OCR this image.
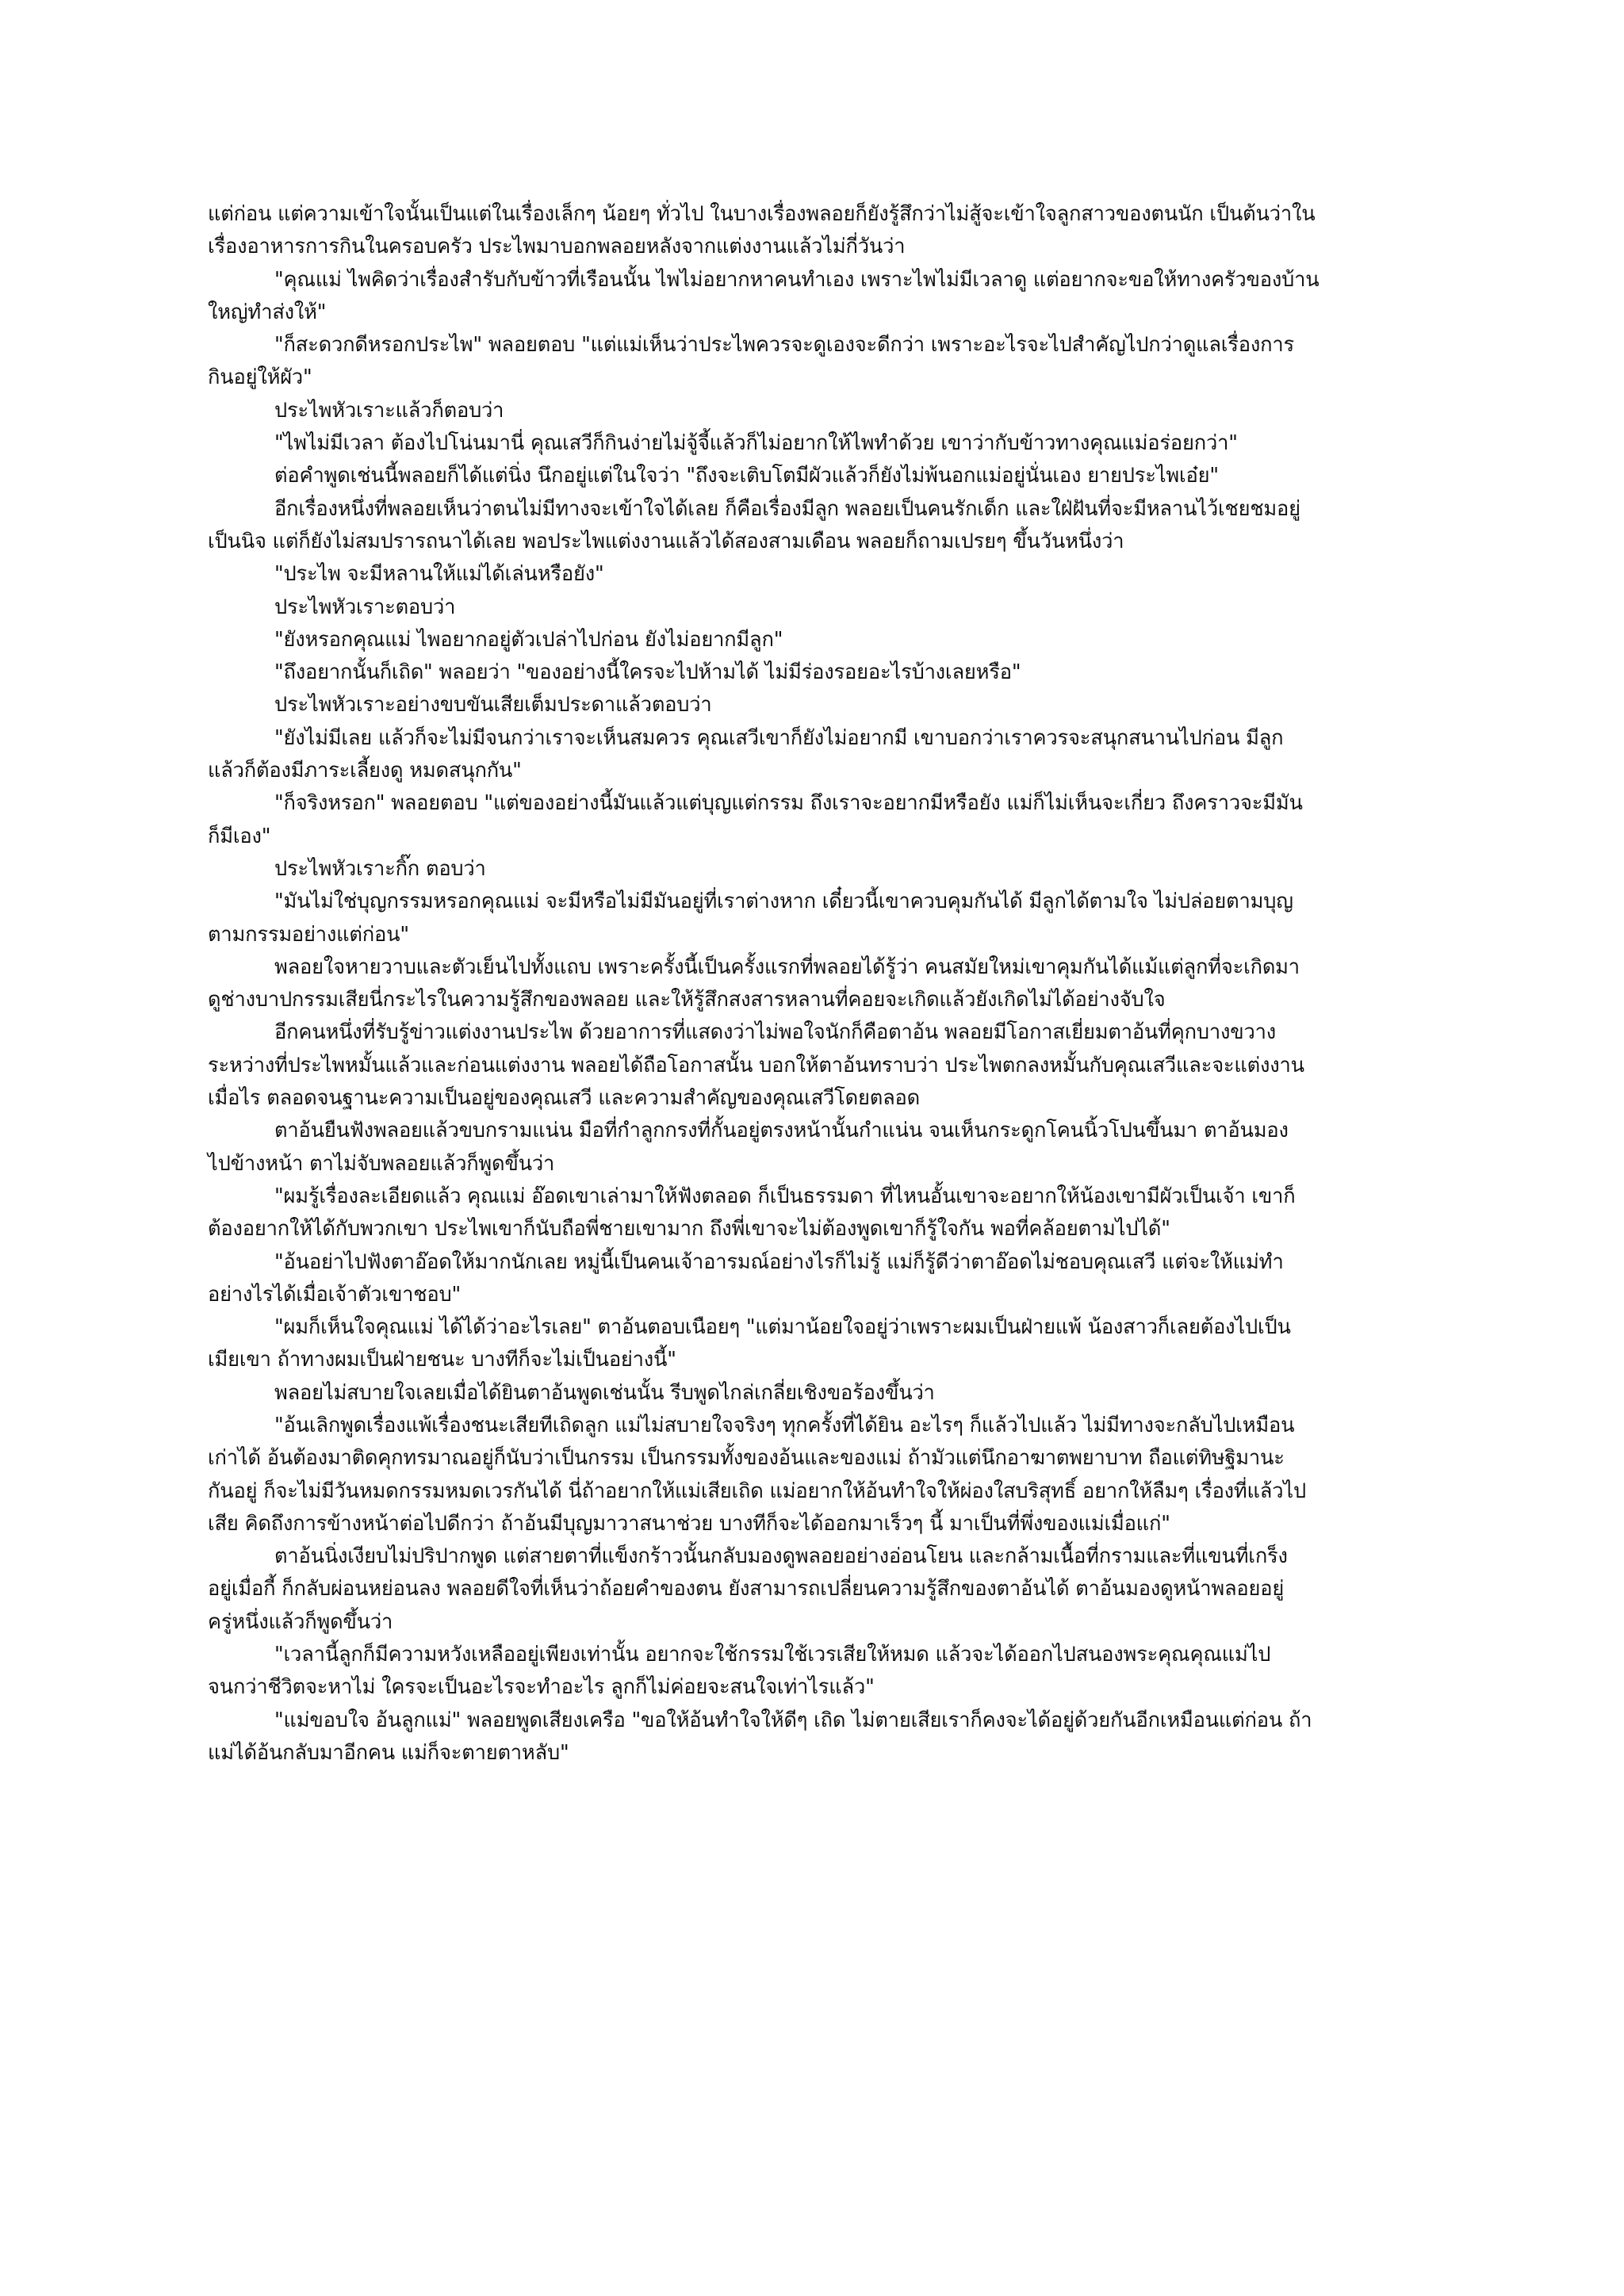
แต่ก่อน แต่ความเข้าใจนั้นเป็นแต่ในเรื่องเล็กๆ น้อยๆ ทั่วไป ในบางเรื่องพลอยก็ยังรู้สึกว่าไม่สู้จะเข้าใจลูกสาวของตนนัก เป็นต้นว่าใน
เรื่องอาหารการกินในครอบครัว ประไพมาบอกพลอยหลังจากแต่งงานแล้วไม่กี่วันว่า
"คุณแม่ ไพคิดว่าเรื่องสำรับกับข้าวที่เรือนนั้น ไพไม่อยากหาคนทำเอง เพราะไพไม่มีเวลาดู แต่อยากจะขอให้ทางครัวของบ้าน
ใหญ่ทำส่งให้"
"ก็สะดวกดีหรอกประไพ" พลอยตอบ "แต่แม่เห็นว่าประไพควรจะดูเองจะดีกว่า เพราะอะไรจะไปสำคัญไปกว่าดูแลเรื่องการ
กินอยู่ให้ผัว"
ประไพหัวเราะแล้วก็ตอบว่า
"ไพไม่มีเวลา ต้องไปโน่นมานี่ คุณเสวีก็กินง่ายไม่จู้จี้แล้วก็ไม่อยากให้ไพทำด้วย เขาว่ากับข้าวทางคุณแม่อร่อยกว่า"
ต่อคำพูดเช่นนี้พลอยก็ได้แต่นิ่ง นึกอยู่แต่ในใจว่า "ถึงจะเติบโตมีผัวแล้วก็ยังไม่พ้นอกแม่อยู่นั่นเอง ยายประไพเอ๋ย"
อีกเรื่องหนึ่งที่พลอยเห็นว่าตนไม่มีทางจะเข้าใจได้เลย ก็คือเรื่องมีลูก พลอยเป็นคนรักเด็ก และใฝ่ฝันที่จะมีหลานไว้เชยชมอยู่
เป็นนิจ แต่ก็ยังไม่สมปรารถนาได้เลย พอประไพแต่งงานแล้วได้สองสามเดือน พลอยก็ถามเปรยๆ ขึ้นวันหนึ่งว่า
"ประไพ จะมีหลานให้แม่ได้เล่นหรือยัง"
ประไพหัวเราะตอบว่า
"ยังหรอกคุณแม่ ไพอยากอยู่ตัวเปล่าไปก่อน ยังไม่อยากมีลูก"
"ถึงอยากนั้นก็เถิด" พลอยว่า "ของอย่างนี้ใครจะไปห้ามได้ ไม่มีร่องรอยอะไรบ้างเลยหรือ"
ประไพหัวเราะอย่างขบขันเสียเต็มประดาแล้วตอบว่า
"ยังไม่มีเลย แล้วก็จะไม่มีจนกว่าเราจะเห็นสมควร คุณเสวีเขาก็ยังไม่อยากมี เขาบอกว่าเราควรจะสนุกสนานไปก่อน มีลูก
แล้วก็ต้องมีภาระเลี้ยงดู หมดสนุกกัน"
"ก็จริงหรอก" พลอยตอบ "แต่ของอย่างนี้มันแล้วแต่บุญแต่กรรม ถึงเราจะอยากมีหรือยัง แม่ก็ไม่เห็นจะเกี่ยว ถึงคราวจะมีมัน
ก็มีเอง"
ประไพหัวเราะกิ๊ก ตอบว่า
"มันไม่ใช่บุญกรรมหรอกคุณแม่ จะมีหรือไม่มีมันอยู่ที่เราต่างหาก เดี๋ยวนี้เขาควบคุมกันได้ มีลูกได้ตามใจ ไม่ปล่อยตามบุญ
ตามกรรมอย่างแต่ก่อน"
พลอยใจหายวาบและตัวเย็นไปทั้งแถบ เพราะครั้งนี้เป็นครั้งแรกที่พลอยได้รู้ว่า คนสมัยใหม่เขาคุมกันได้แม้แต่ลูกที่จะเกิดมา
ดูช่างบาปกรรมเสียนี่กระไรในความรู้สึกของพลอย และให้รู้สึกสงสารหลานที่คอยจะเกิดแล้วยังเกิดไม่ได้อย่างจับใจ
อีกคนหนึ่งที่รับรู้ข่าวแต่งงานประไพ ด้วยอาการที่แสดงว่าไม่พอใจนักก็คือตาอ้น พลอยมีโอกาสเยี่ยมตาอ้นที่คุกบางขวาง
ระหว่างที่ประไพหมั้นแล้วและก่อนแต่งงาน พลอยได้ถือโอกาสนั้น บอกให้ตาอ้นทราบว่า ประไพตกลงหมั้นกับคุณเสวีและจะแต่งงาน
เมื่อไร ตลอดจนฐานะความเป็นอยู่ของคุณเสวี และความสำคัญของคุณเสวีโดยตลอด
ตาอ้นยืนฟังพลอยแล้วขบกรามแน่น มือที่กำลูกกรงที่กั้นอยู่ตรงหน้านั้นกำแน่น จนเห็นกระดูกโคนนิ้วโปนขึ้นมา ตาอ้นมอง
ไปข้างหน้า ตาไม่จับพลอยแล้วก็พูดขึ้นว่า
"ผมรู้เรื่องละเอียดแล้ว คุณแม่ อ๊อดเขาเล่ามาให้ฟังตลอด ก็เป็นธรรมดา ที่ไหนอั้นเขาจะอยากให้น้องเขามีผัวเป็นเจ้า เขาก็
ต้องอยากให้ได้กับพวกเขา ประไพเขาก็นับถือพี่ชายเขามาก ถึงพี่เขาจะไม่ต้องพูดเขาก็รู้ใจกัน พอที่คล้อยตามไปได้"
"อ้นอย่าไปฟังตาอ๊อดให้มากนักเลย หมู่นี้เป็นคนเจ้าอารมณ์อย่างไรก็ไม่รู้ แม่ก็รู้ดีว่าตาอ๊อดไม่ชอบคุณเสวี แต่จะให้แม่ทำ
อย่างไรได้เมื่อเจ้าตัวเขาชอบ"
"ผมก็เห็นใจคุณแม่ ได้ได้ว่าอะไรเลย" ตาอ้นตอบเนือยๆ "แต่มาน้อยใจอยู่ว่าเพราะผมเป็นฝ่ายแพ้ น้องสาวก็เลยต้องไปเป็น
เมียเขา ถ้าทางผมเป็นฝ่ายชนะ บางทีก็จะไม่เป็นอย่างนี้"
พลอยไม่สบายใจเลยเมื่อได้ยินตาอ้นพูดเช่นนั้น รีบพูดไกล่เกลี่ยเชิงขอร้องขึ้นว่า
"อ้นเลิกพูดเรื่องแพ้เรื่องชนะเสียทีเถิดลูก แม่ไม่สบายใจจริงๆ ทุกครั้งที่ได้ยิน อะไรๆ ก็แล้วไปแล้ว ไม่มีทางจะกลับไปเหมือน
เก่าได้ อ้นต้องมาติดคุกทรมาณอยู่ก็นับว่าเป็นกรรม เป็นกรรมทั้งของอ้นและของแม่ ถ้ามัวแต่นึกอาฆาตพยาบาท ถือแต่ทิษฐิมานะ
กันอยู่ ก็จะไม่มีวันหมดกรรมหมดเวรกันได้ นี่ถ้าอยากให้แม่เสียเถิด แม่อยากให้อ้นทำใจให้ผ่องใสบริสุทธิ์ อยากให้ลืมๆ เรื่องที่แล้วไป
เสีย คิดถึงการข้างหน้าต่อไปดีกว่า ถ้าอ้นมีบุญมาวาสนาช่วย บางทีก็จะได้ออกมาเร็วๆ นี้ มาเป็นที่พึ่งของแม่เมื่อแก่"
ตาอ้นนิ่งเงียบไม่ปริปากพูด แต่สายตาที่แข็งกร้าวนั้นกลับมองดูพลอยอย่างอ่อนโยน และกล้ามเนื้อที่กรามและที่แขนที่เกร็ง
อยู่เมื่อกี้ ก็กลับผ่อนหย่อนลง พลอยดีใจที่เห็นว่าถ้อยคำของตน ยังสามารถเปลี่ยนความรู้สึกของตาอ้นได้ ตาอ้นมองดูหน้าพลอยอยู่
ครู่หนึ่งแล้วก็พูดขึ้นว่า
"เวลานี้ลูกก็มีความหวังเหลืออยู่เพียงเท่านั้น อยากจะใช้กรรมใช้เวรเสียให้หมด แล้วจะได้ออกไปสนองพระคุณคุณแม่ไป
จนกว่าชีวิตจะหาไม่ ใครจะเป็นอะไรจะทำอะไร ลูกก็ไม่ค่อยจะสนใจเท่าไรแล้ว"
"แม่ขอบใจ อ้นลูกแม่" พลอยพูดเสียงเครือ "ขอให้อ้นทำใจให้ดีๆ เถิด ไม่ตายเสียเราก็คงจะได้อยู่ด้วยกันอีกเหมือนแต่ก่อน ถ้า
แม่ได้อ้นกลับมาอีกคน แม่ก็จะตายตาหลับ"
